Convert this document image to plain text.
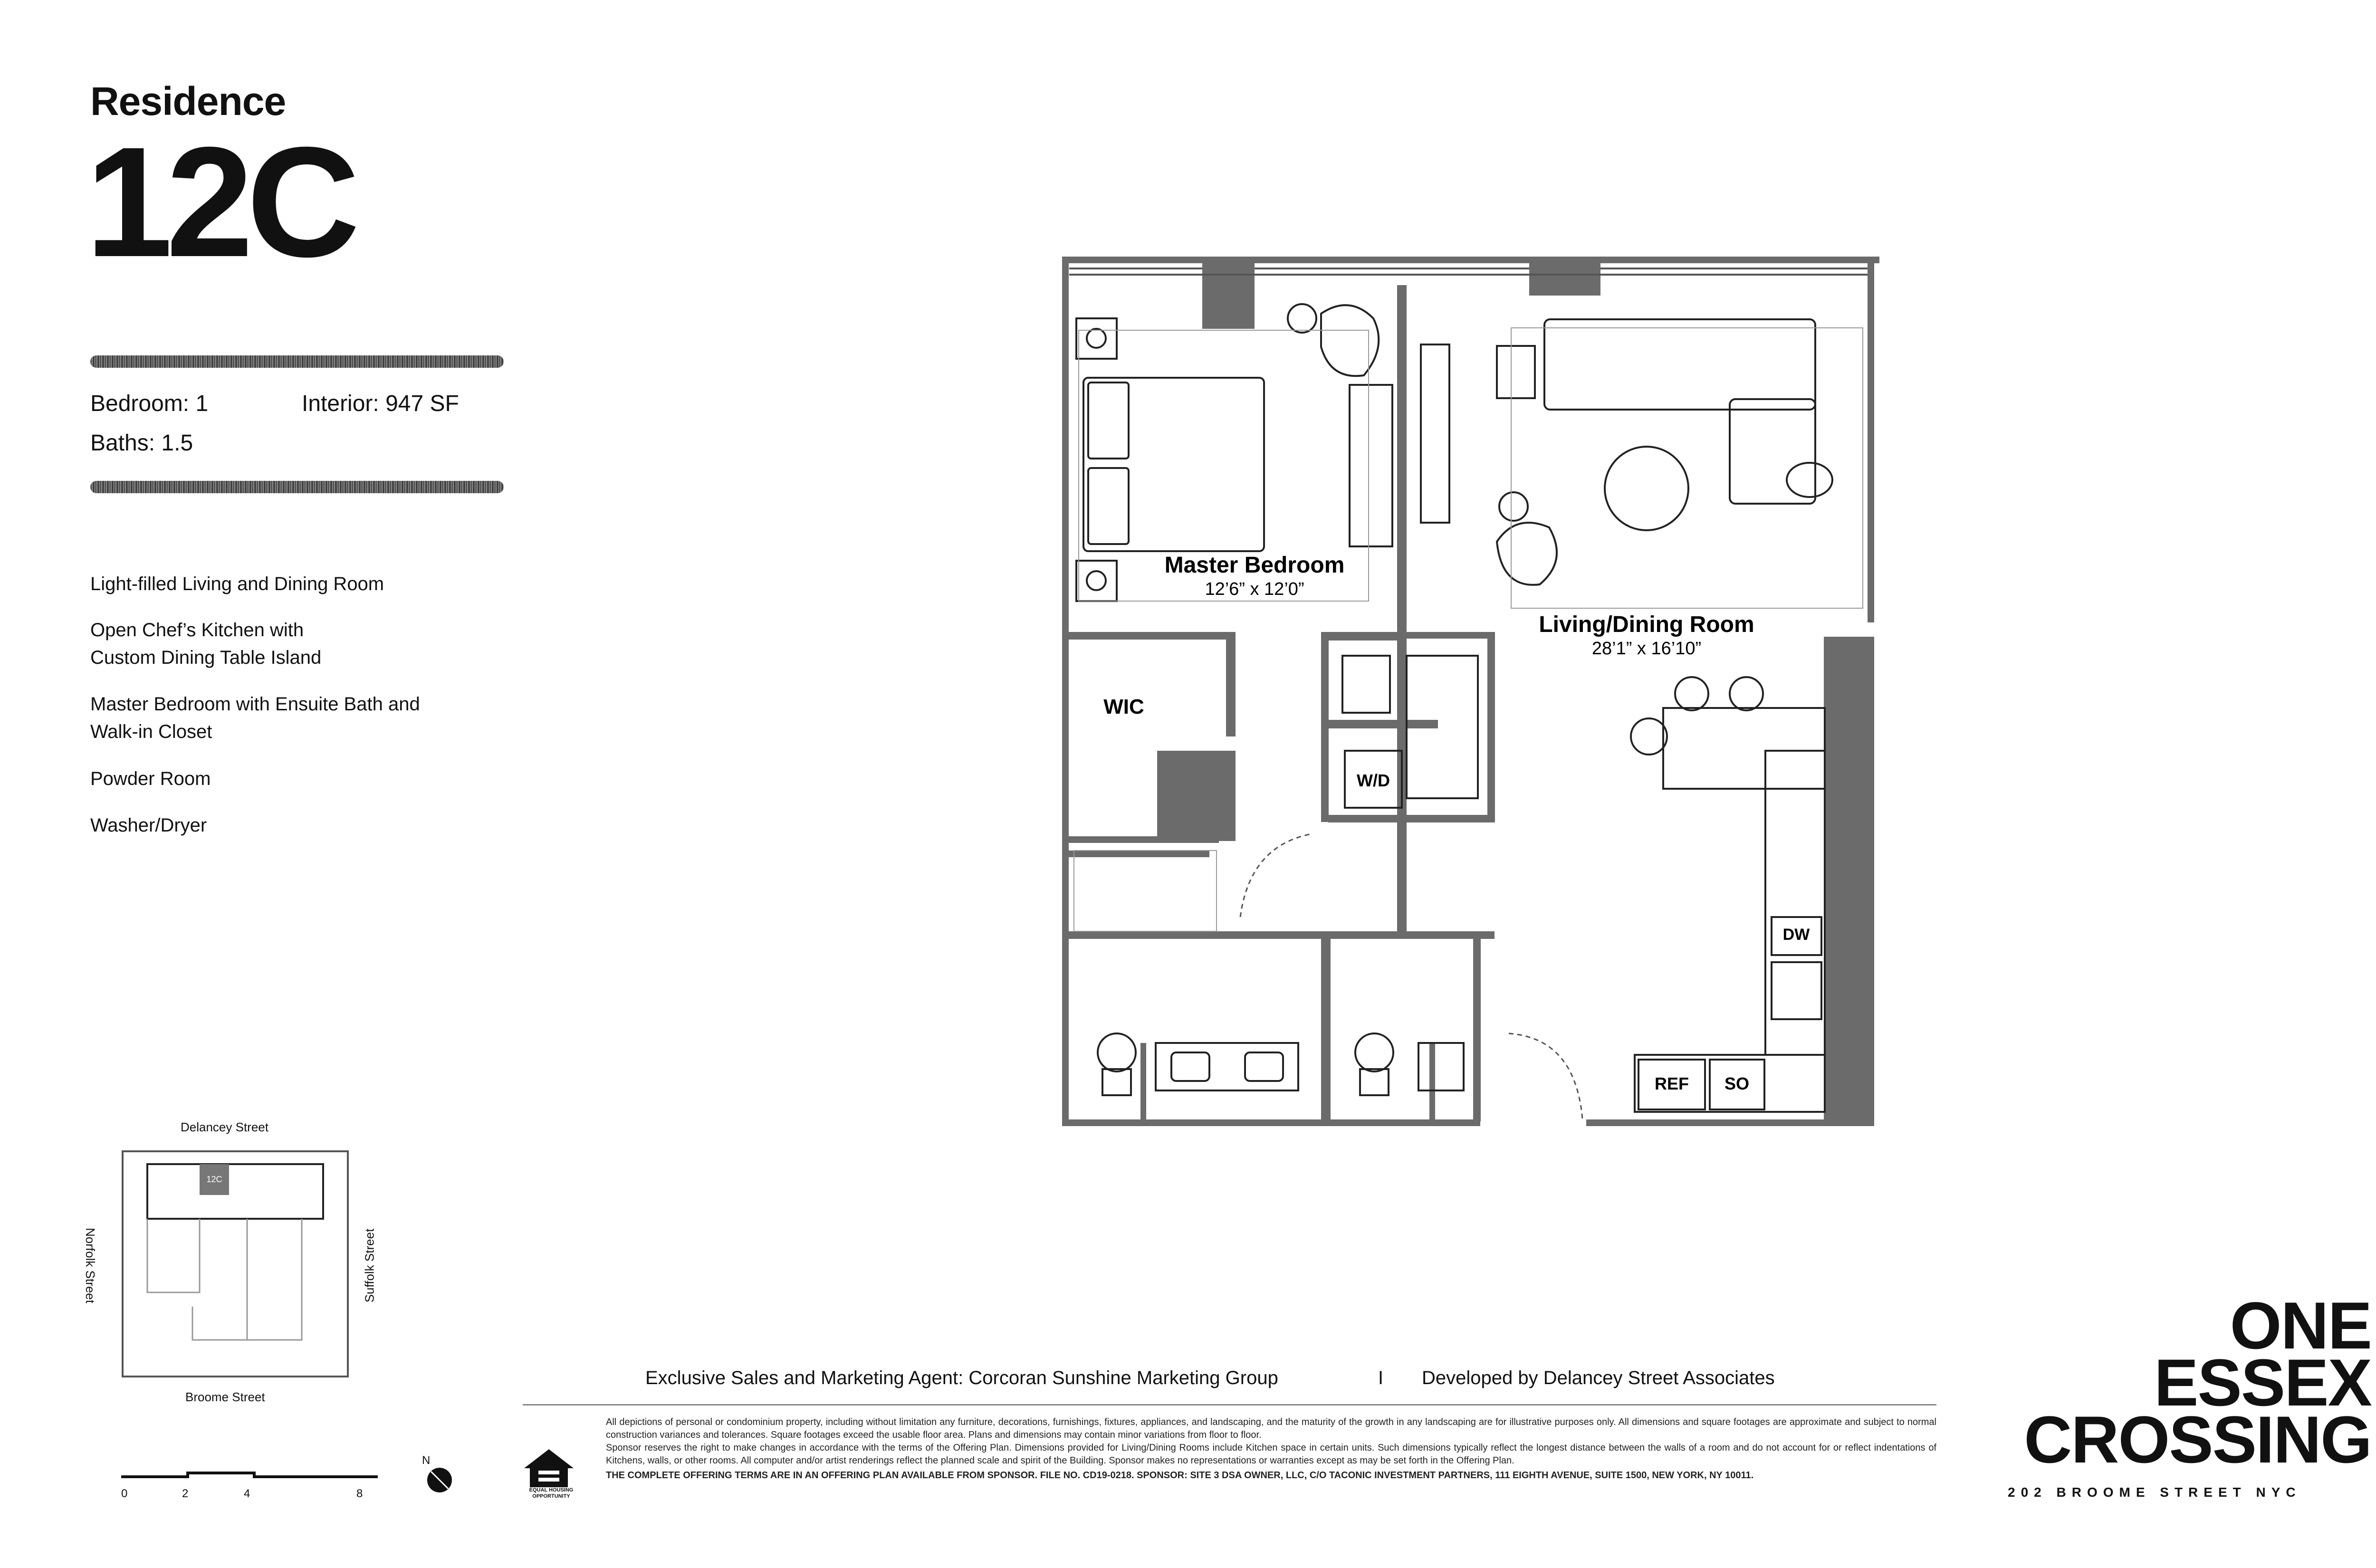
Residence
12C
Bedroom: 1	Interior: 947 SF
Baths: 1.5
Light-filled Living and Dining Room
Open Chef’s Kitchen with
Custom Dining Table Island
Master Bedroom with Ensuite Bath and
Walk-in Closet
Powder Room
Washer/Dryer
Master Bedroom
12’6” x 12’0”
Living/Dining Room
28’1” x 16’10”
WIC
W/D
DW
REF SO
Delancey Street
Broome Street
Norfolk Street	Suffolk Street
12C
0	2	4	8
N
Exclusive Sales and Marketing Agent: Corcoran Sunshine Marketing Group	I Developed by Delancey Street Associates
EQUAL HOUSING OPPORTUNITY
All depictions of personal or condominium property, including without limitation any furniture, decorations, furnishings, fixtures, appliances, and landscaping, and the maturity of the growth in any landscaping are for illustrative purposes only. All dimensions and square footages are approximate and subject to normal construction variances and tolerances. Square footages exceed the usable floor area. Plans and dimensions may contain minor variations from floor to floor.
Sponsor reserves the right to make changes in accordance with the terms of the Offering Plan. Dimensions provided for Living/Dining Rooms include Kitchen space in certain units. Such dimensions typically reflect the longest distance between the walls of a room and do not account for or reflect indentations of Kitchens, walls, or other rooms. All computer and/or artist renderings reflect the planned scale and spirit of the Building. Sponsor makes no representations or warranties except as may be set forth in the Offering Plan.
THE COMPLETE OFFERING TERMS ARE IN AN OFFERING PLAN AVAILABLE FROM SPONSOR. FILE NO. CD19-0218. SPONSOR: SITE 3 DSA OWNER, LLC, C/O TACONIC INVESTMENT PARTNERS, 111 EIGHTH AVENUE, SUITE 1500, NEW YORK, NY 10011.
ONE
ESSEX
CROSSING
202 BROOME STREET NYC
